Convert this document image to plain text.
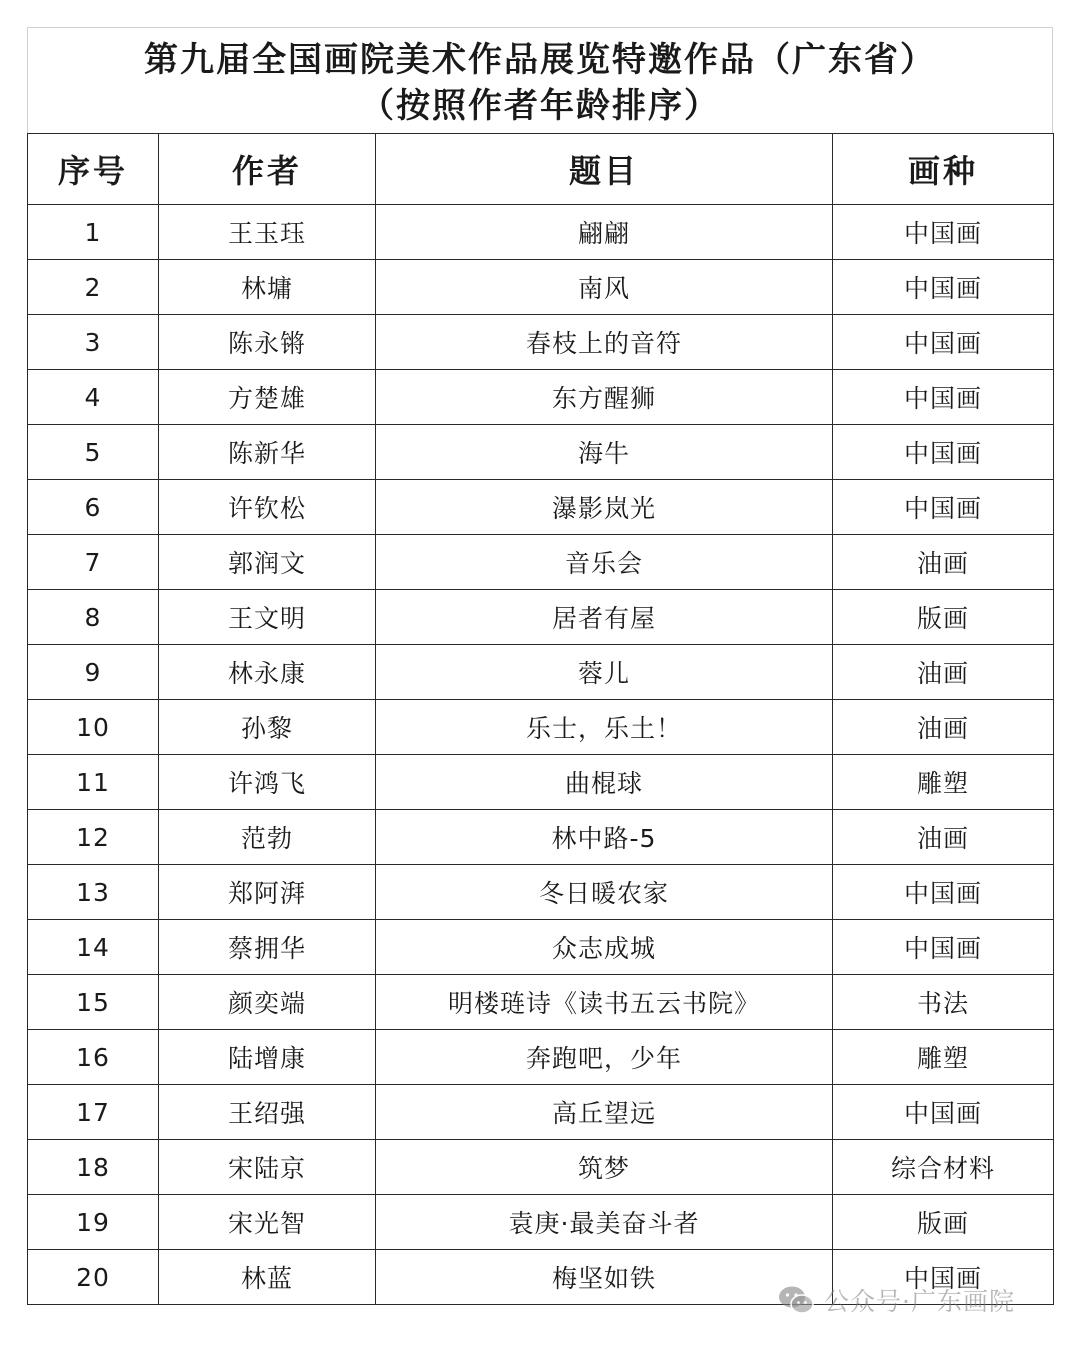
第九届全国画院美术作品展览特邀作品（广东省）
（按照作者年龄排序）
序号	作者	题目	画种
1	王玉珏	翩翩	中国画
2	林墉	南风	中国画
3	陈永锵	春枝上的音符	中国画
4	方楚雄	东方醒狮	中国画
5	陈新华	海牛	中国画
6	许钦松	瀑影岚光	中国画
7	郭润文	音乐会	油画
8	王文明	居者有屋	版画
9	林永康	蓉儿	油画
10	孙黎	乐士，乐土！	油画
11	许鸿飞	曲棍球	雕塑
12	范勃	林中路-5	油画
13	郑阿湃	冬日暖农家	中国画
14	蔡拥华	众志成城	中国画
15	颜奕端	明楼琏诗《读书五云书院》	书法
16	陆增康	奔跑吧，少年	雕塑
17	王绍强	高丘望远	中国画
18	宋陆京	筑梦	综合材料
19	宋光智	袁庚·最美奋斗者	版画
20	林蓝	梅坚如铁	中国画
公众号·广东画院
